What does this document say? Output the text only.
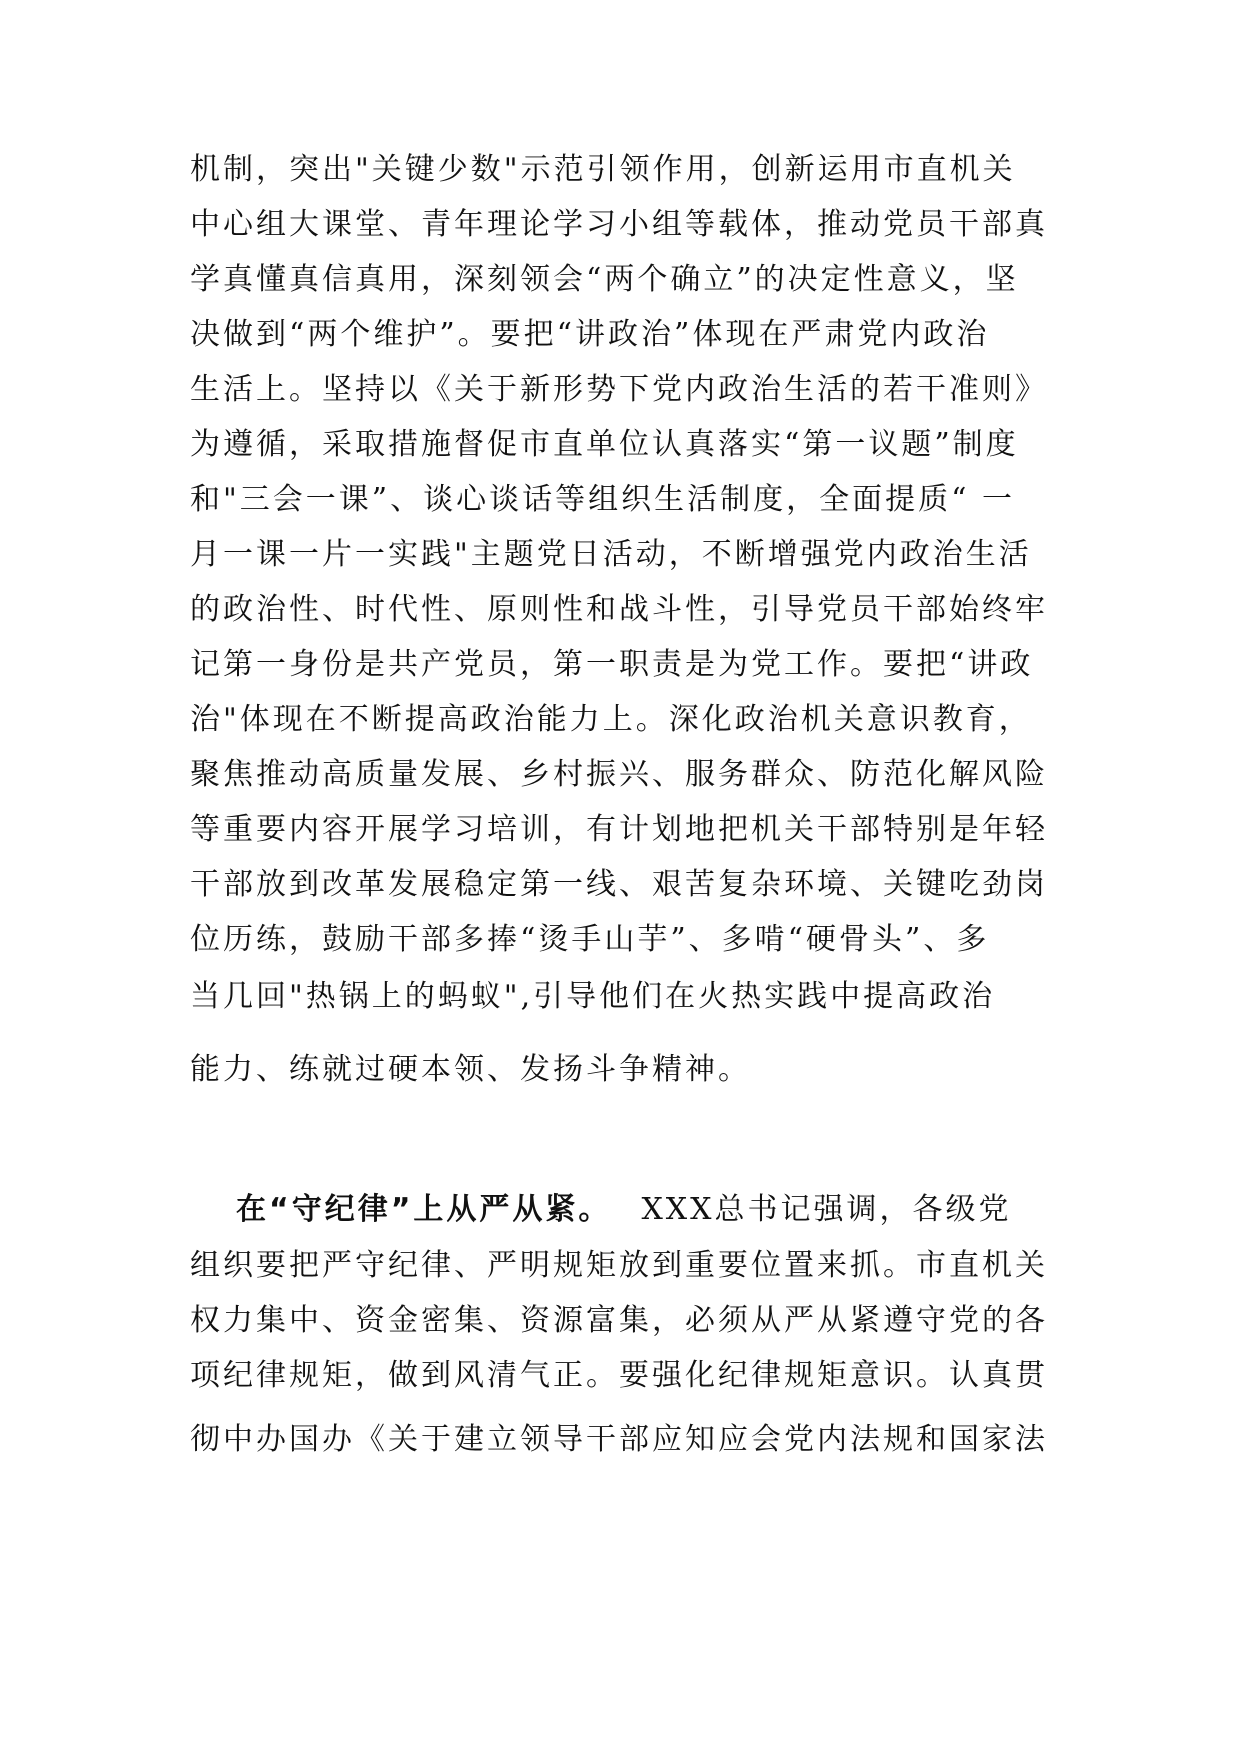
机制，突出"关键少数"示范引领作用，创新运用市直机关

中心组大课堂、青年理论学习小组等载体，推动党员干部真

学真懂真信真用，深刻领会“两个确立”的决定性意义，坚

决做到“两个维护”。要把“讲政治”体现在严肃党内政治

生活上。坚持以《关于新形势下党内政治生活的若干准则》

为遵循，采取措施督促市直单位认真落实“第一议题”制度

和"三会一课”、谈心谈话等组织生活制度，全面提质“ 一

月一课一片一实践"主题党日活动，不断增强党内政治生活

的政治性、时代性、原则性和战斗性，引导党员干部始终牢

记第一身份是共产党员，第一职责是为党工作。要把“讲政

治"体现在不断提高政治能力上。深化政治机关意识教育，

聚焦推动高质量发展、乡村振兴、服务群众、防范化解风险

等重要内容开展学习培训，有计划地把机关干部特别是年轻

干部放到改革发展稳定第一线、艰苦复杂环境、关键吃劲岗

位历练，鼓励干部多捧“烫手山芋”、多啃“硬骨头”、多

当几回"热锅上的蚂蚁",引导他们在火热实践中提高政治

能力、练就过硬本领、发扬斗争精神。

在“守纪律”上从严从紧。 XXX总书记强调，各级党

组织要把严守纪律、严明规矩放到重要位置来抓。市直机关

权力集中、资金密集、资源富集，必须从严从紧遵守党的各

项纪律规矩，做到风清气正。要强化纪律规矩意识。认真贯

彻中办国办《关于建立领导干部应知应会党内法规和国家法
